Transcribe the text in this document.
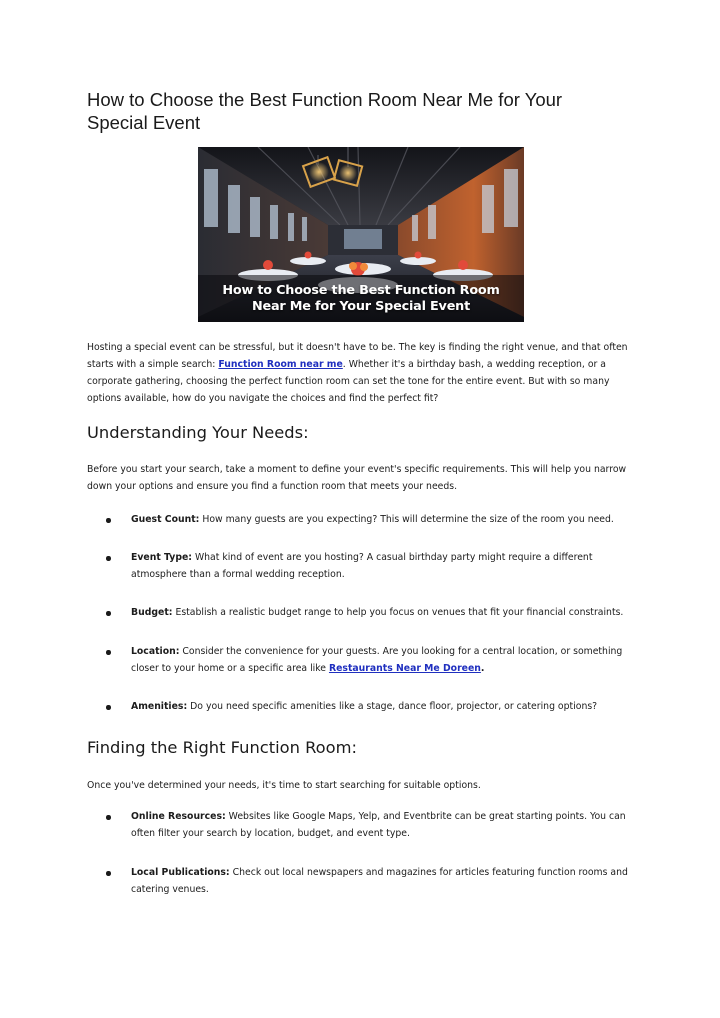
How to Choose the Best Function Room Near Me for Your Special Event
How to Choose the Best Function Room
Near Me for Your Special Event

Hosting a special event can be stressful, but it doesn't have to be. The key is finding the right venue, and that often starts with a simple search: Function Room near me. Whether it's a birthday bash, a wedding reception, or a corporate gathering, choosing the perfect function room can set the tone for the entire event. But with so many options available, how do you navigate the choices and find the perfect fit?

Understanding Your Needs:

Before you start your search, take a moment to define your event's specific requirements. This will help you narrow down your options and ensure you find a function room that meets your needs.

Guest Count: How many guests are you expecting? This will determine the size of the room you need.
Event Type: What kind of event are you hosting? A casual birthday party might require a different atmosphere than a formal wedding reception.
Budget: Establish a realistic budget range to help you focus on venues that fit your financial constraints.
Location: Consider the convenience for your guests. Are you looking for a central location, or something closer to your home or a specific area like Restaurants Near Me Doreen.
Amenities: Do you need specific amenities like a stage, dance floor, projector, or catering options?
Finding the Right Function Room:

Once you've determined your needs, it's time to start searching for suitable options.

Online Resources: Websites like Google Maps, Yelp, and Eventbrite can be great starting points. You can often filter your search by location, budget, and event type.
Local Publications: Check out local newspapers and magazines for articles featuring function rooms and catering venues.
